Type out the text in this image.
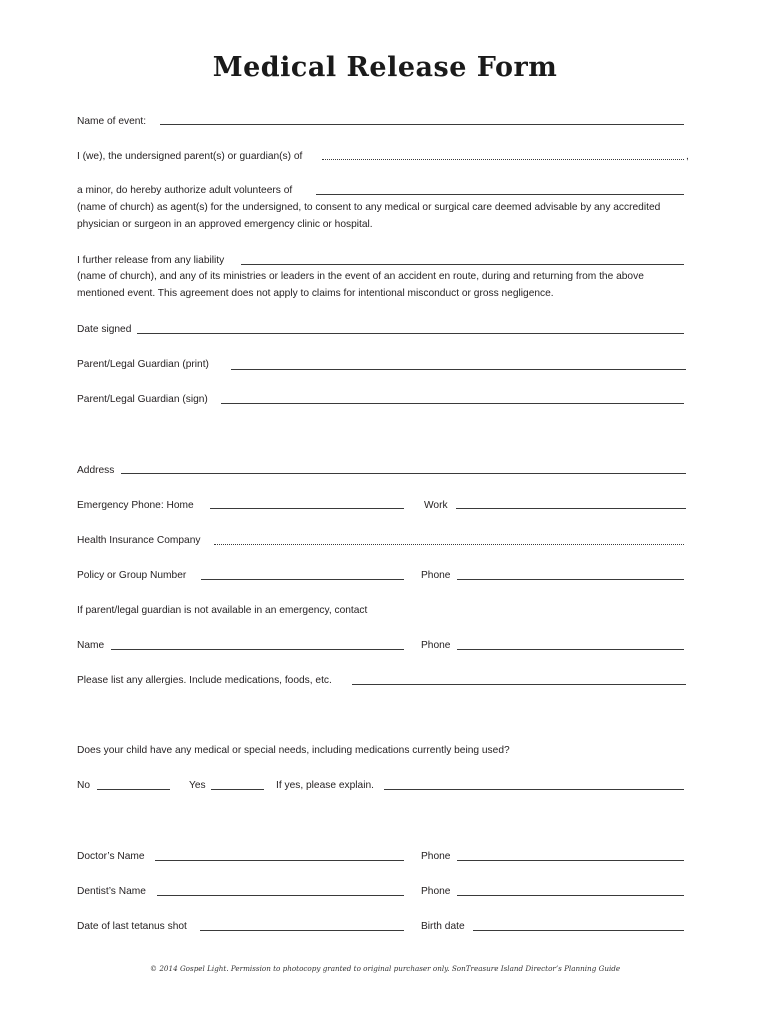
Medical Release Form
Name of event:
I (we), the undersigned parent(s) or guardian(s) of	,
a minor, do hereby authorize adult volunteers of
(name of church) as agent(s) for the undersigned, to consent to any medical or surgical care deemed advisable by any accredited
physician or surgeon in an approved emergency clinic or hospital.
I further release from any liability
(name of church), and any of its ministries or leaders in the event of an accident en route, during and returning from the above
mentioned event. This agreement does not apply to claims for intentional misconduct or gross negligence.
Date signed
Parent/Legal Guardian (print)
Parent/Legal Guardian (sign)
Address
Emergency Phone: Home	Work
Health Insurance Company
Policy or Group Number	Phone
If parent/legal guardian is not available in an emergency, contact
Name	Phone
Please list any allergies. Include medications, foods, etc.
Does your child have any medical or special needs, including medications currently being used?
No	Yes	If yes, please explain.
Doctor’s Name	Phone
Dentist’s Name	Phone
Date of last tetanus shot	Birth date
© 2014 Gospel Light. Permission to photocopy granted to original purchaser only. SonTreasure Island Director’s Planning Guide
